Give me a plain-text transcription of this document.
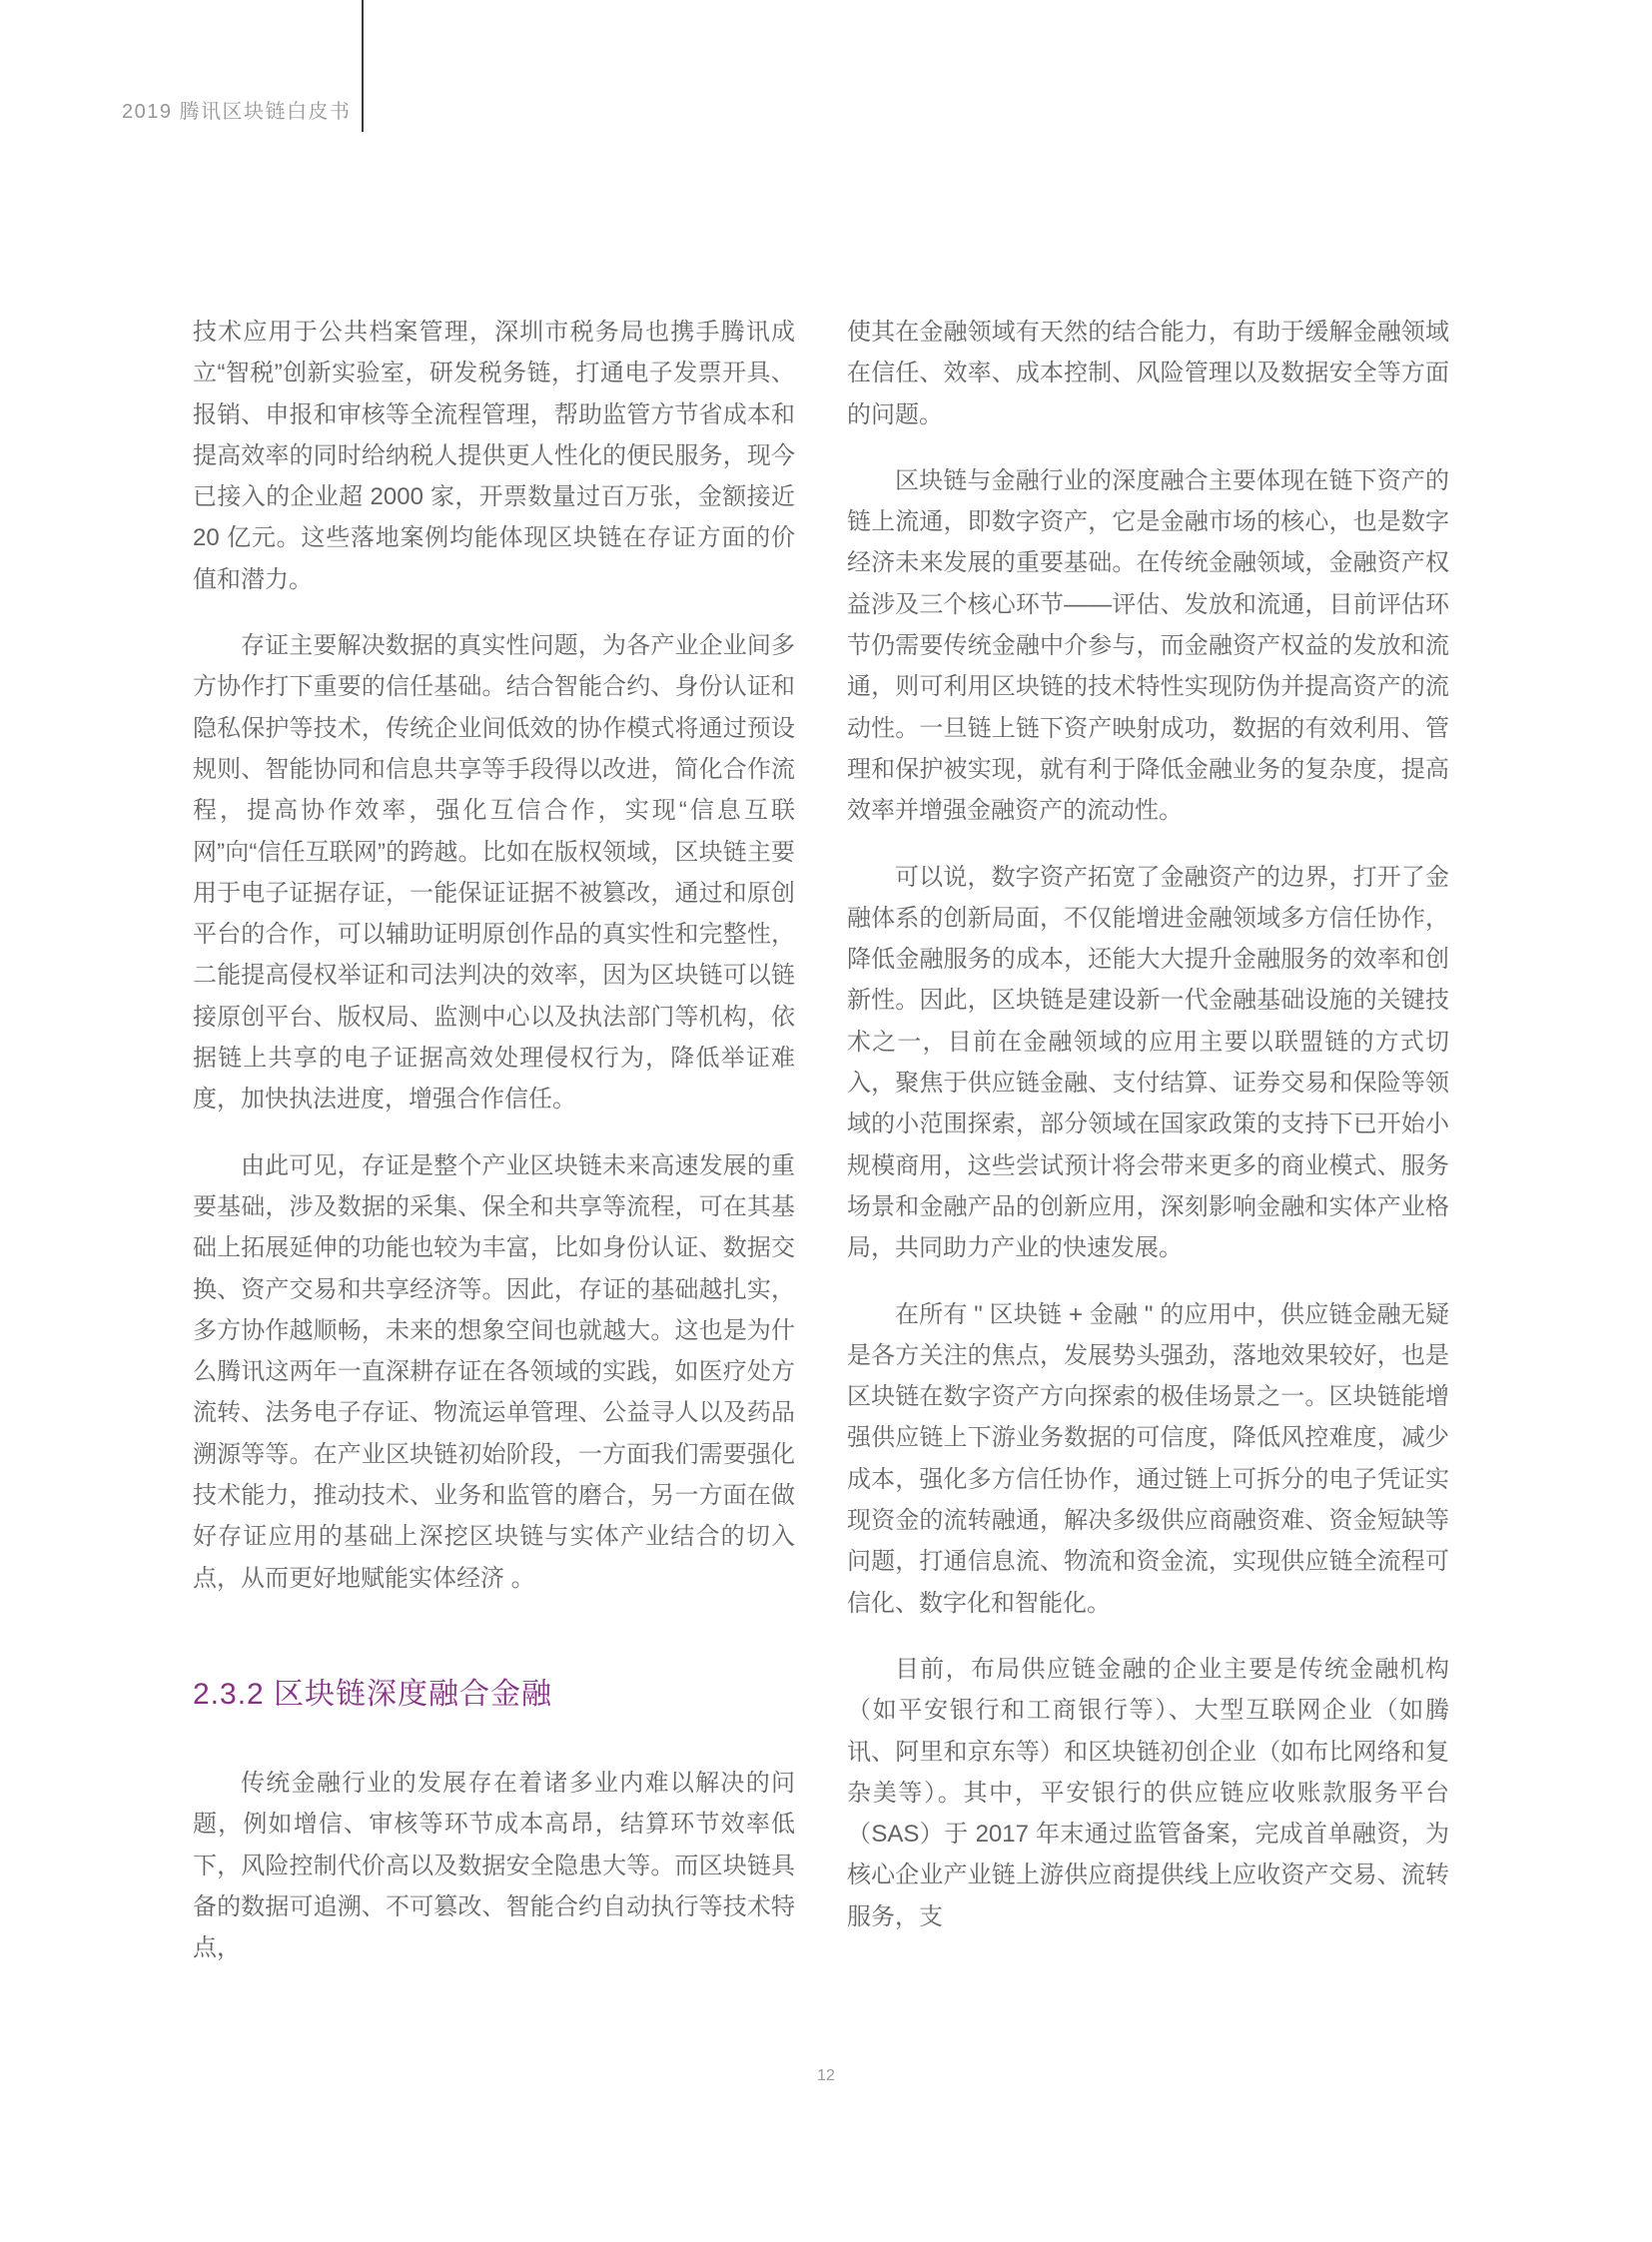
2019 腾讯区块链白皮书

技术应用于公共档案管理，深圳市税务局也携手腾讯成立“智税”创新实验室，研发税务链，打通电子发票开具、报销、申报和审核等全流程管理，帮助监管方节省成本和提高效率的同时给纳税人提供更人性化的便民服务，现今已接入的企业超 2000 家，开票数量过百万张，金额接近 20 亿元。这些落地案例均能体现区块链在存证方面的价值和潜力。

存证主要解决数据的真实性问题，为各产业企业间多方协作打下重要的信任基础。结合智能合约、身份认证和隐私保护等技术，传统企业间低效的协作模式将通过预设规则、智能协同和信息共享等手段得以改进，简化合作流程，提高协作效率，强化互信合作，实现“信息互联网”向“信任互联网”的跨越。比如在版权领域，区块链主要用于电子证据存证，一能保证证据不被篡改，通过和原创平台的合作，可以辅助证明原创作品的真实性和完整性，二能提高侵权举证和司法判决的效率，因为区块链可以链接原创平台、版权局、监测中心以及执法部门等机构，依据链上共享的电子证据高效处理侵权行为，降低举证难度，加快执法进度，增强合作信任。

由此可见，存证是整个产业区块链未来高速发展的重要基础，涉及数据的采集、保全和共享等流程，可在其基础上拓展延伸的功能也较为丰富，比如身份认证、数据交换、资产交易和共享经济等。因此，存证的基础越扎实，多方协作越顺畅，未来的想象空间也就越大。这也是为什么腾讯这两年一直深耕存证在各领域的实践，如医疗处方流转、法务电子存证、物流运单管理、公益寻人以及药品溯源等等。在产业区块链初始阶段，一方面我们需要强化技术能力，推动技术、业务和监管的磨合，另一方面在做好存证应用的基础上深挖区块链与实体产业结合的切入点，从而更好地赋能实体经济 。

2.3.2 区块链深度融合金融

传统金融行业的发展存在着诸多业内难以解决的问题，例如增信、审核等环节成本高昂，结算环节效率低下，风险控制代价高以及数据安全隐患大等。而区块链具备的数据可追溯、不可篡改、智能合约自动执行等技术特点，

使其在金融领域有天然的结合能力，有助于缓解金融领域在信任、效率、成本控制、风险管理以及数据安全等方面的问题。

区块链与金融行业的深度融合主要体现在链下资产的链上流通，即数字资产，它是金融市场的核心，也是数字经济未来发展的重要基础。在传统金融领域，金融资产权益涉及三个核心环节——评估、发放和流通，目前评估环节仍需要传统金融中介参与，而金融资产权益的发放和流通，则可利用区块链的技术特性实现防伪并提高资产的流动性。一旦链上链下资产映射成功，数据的有效利用、管理和保护被实现，就有利于降低金融业务的复杂度，提高效率并增强金融资产的流动性。

可以说，数字资产拓宽了金融资产的边界，打开了金融体系的创新局面，不仅能增进金融领域多方信任协作，降低金融服务的成本，还能大大提升金融服务的效率和创新性。因此，区块链是建设新一代金融基础设施的关键技术之一，目前在金融领域的应用主要以联盟链的方式切入，聚焦于供应链金融、支付结算、证券交易和保险等领域的小范围探索，部分领域在国家政策的支持下已开始小规模商用，这些尝试预计将会带来更多的商业模式、服务场景和金融产品的创新应用，深刻影响金融和实体产业格局，共同助力产业的快速发展。

在所有 " 区块链 + 金融 " 的应用中，供应链金融无疑是各方关注的焦点，发展势头强劲，落地效果较好，也是区块链在数字资产方向探索的极佳场景之一。区块链能增强供应链上下游业务数据的可信度，降低风控难度，减少成本，强化多方信任协作，通过链上可拆分的电子凭证实现资金的流转融通，解决多级供应商融资难、资金短缺等问题，打通信息流、物流和资金流，实现供应链全流程可信化、数字化和智能化。

目前，布局供应链金融的企业主要是传统金融机构（如平安银行和工商银行等）、大型互联网企业（如腾讯、阿里和京东等）和区块链初创企业（如布比网络和复杂美等）。其中，平安银行的供应链应收账款服务平台（SAS）于 2017 年末通过监管备案，完成首单融资，为核心企业产业链上游供应商提供线上应收资产交易、流转服务，支

12
